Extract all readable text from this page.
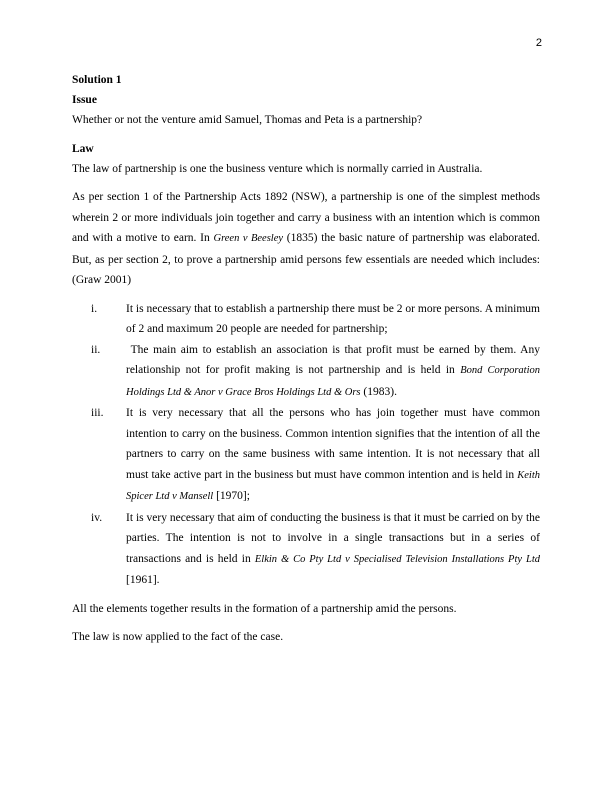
2

Solution 1

Issue

Whether or not the venture amid Samuel, Thomas and Peta is a partnership?

Law

The law of partnership is one the business venture which is normally carried in Australia.

As per section 1 of the Partnership Acts 1892 (NSW), a partnership is one of the simplest methods wherein 2 or more individuals join together and carry a business with an intention which is common and with a motive to earn. In Green v Beesley (1835) the basic nature of partnership was elaborated. But, as per section 2, to prove a partnership amid persons few essentials are needed which includes: (Graw 2001)

i.	It is necessary that to establish a partnership there must be 2 or more persons. A minimum of 2 and maximum 20 people are needed for partnership;
ii. The main aim to establish an association is that profit must be earned by them. Any relationship not for profit making is not partnership and is held in Bond Corporation Holdings Ltd & Anor v Grace Bros Holdings Ltd & Ors (1983).
iii. It is very necessary that all the persons who has join together must have common intention to carry on the business. Common intention signifies that the intention of all the partners to carry on the same business with same intention. It is not necessary that all must take active part in the business but must have common intention and is held in Keith Spicer Ltd v Mansell [1970];
iv. It is very necessary that aim of conducting the business is that it must be carried on by the parties. The intention is not to involve in a single transactions but in a series of transactions and is held in Elkin & Co Pty Ltd v Specialised Television Installations Pty Ltd [1961].

All the elements together results in the formation of a partnership amid the persons.

The law is now applied to the fact of the case.
